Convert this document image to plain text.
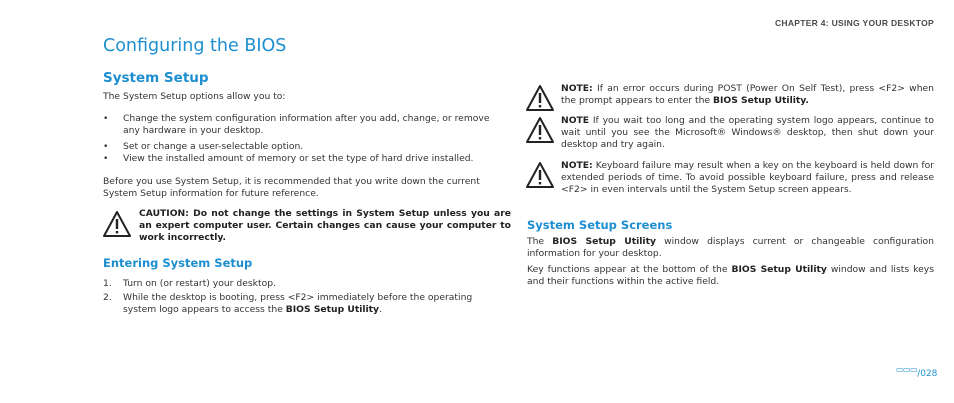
CHAPTER 4: USING YOUR DESKTOP
Configuring the BIOS
System Setup

The System Setup options allow you to:

• Change the system configuration information after you add, change, or remove any hardware in your desktop.
• Set or change a user-selectable option.
• View the installed amount of memory or set the type of hard drive installed.

Before you use System Setup, it is recommended that you write down the current System Setup information for future reference.

CAUTION: Do not change the settings in System Setup unless you are an expert computer user. Certain changes can cause your computer to work incorrectly.

Entering System Setup
1. Turn on (or restart) your desktop.
2. While the desktop is booting, press <F2> immediately before the operating system logo appears to access the BIOS Setup Utility.

NOTE: If an error occurs during POST (Power On Self Test), press <F2> when the prompt appears to enter the BIOS Setup Utility.

NOTE If you wait too long and the operating system logo appears, continue to wait until you see the Microsoft® Windows® desktop, then shut down your desktop and try again.

NOTE: Keyboard failure may result when a key on the keyboard is held down for extended periods of time. To avoid possible keyboard failure, press and release <F2> in even intervals until the System Setup screen appears.

System Setup Screens

The BIOS Setup Utility window displays current or changeable configuration information for your desktop.

Key functions appear at the bottom of the BIOS Setup Utility window and lists keys and their functions within the active field.

▭▭▭/028
